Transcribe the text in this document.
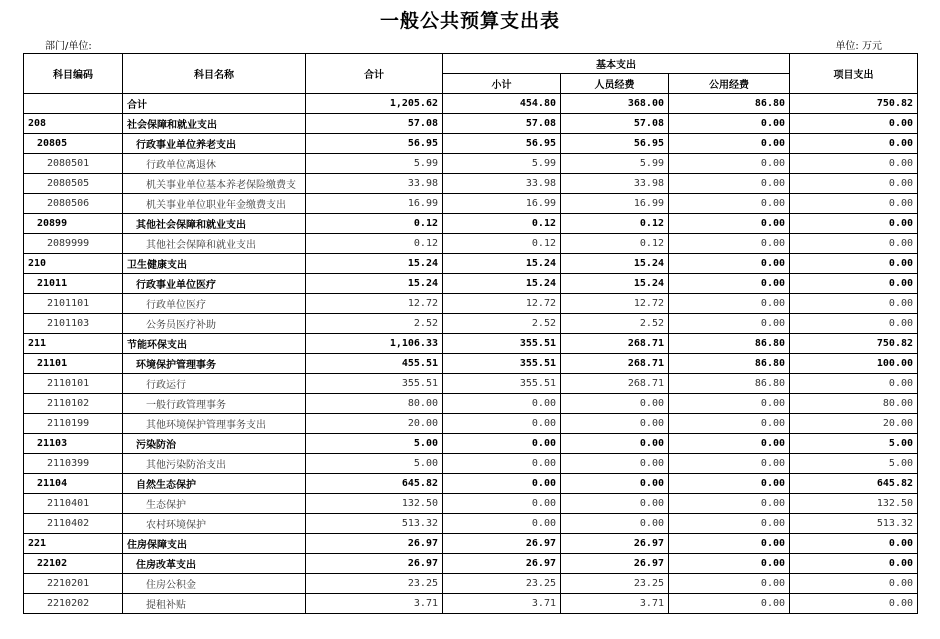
一般公共预算支出表
部门/单位:	单位: 万元
科目编码	科目名称	合计	基本支出			项目支出
			小计	人员经费	公用经费	
	合计	1,205.62	454.80	368.00	86.80	750.82
208	社会保障和就业支出	57.08	57.08	57.08	0.00	0.00
20805	行政事业单位养老支出	56.95	56.95	56.95	0.00	0.00
2080501	行政单位离退休	5.99	5.99	5.99	0.00	0.00
2080505	机关事业单位基本养老保险缴费支	33.98	33.98	33.98	0.00	0.00
2080506	机关事业单位职业年金缴费支出	16.99	16.99	16.99	0.00	0.00
20899	其他社会保障和就业支出	0.12	0.12	0.12	0.00	0.00
2089999	其他社会保障和就业支出	0.12	0.12	0.12	0.00	0.00
210	卫生健康支出	15.24	15.24	15.24	0.00	0.00
21011	行政事业单位医疗	15.24	15.24	15.24	0.00	0.00
2101101	行政单位医疗	12.72	12.72	12.72	0.00	0.00
2101103	公务员医疗补助	2.52	2.52	2.52	0.00	0.00
211	节能环保支出	1,106.33	355.51	268.71	86.80	750.82
21101	环境保护管理事务	455.51	355.51	268.71	86.80	100.00
2110101	行政运行	355.51	355.51	268.71	86.80	0.00
2110102	一般行政管理事务	80.00	0.00	0.00	0.00	80.00
2110199	其他环境保护管理事务支出	20.00	0.00	0.00	0.00	20.00
21103	污染防治	5.00	0.00	0.00	0.00	5.00
2110399	其他污染防治支出	5.00	0.00	0.00	0.00	5.00
21104	自然生态保护	645.82	0.00	0.00	0.00	645.82
2110401	生态保护	132.50	0.00	0.00	0.00	132.50
2110402	农村环境保护	513.32	0.00	0.00	0.00	513.32
221	住房保障支出	26.97	26.97	26.97	0.00	0.00
22102	住房改革支出	26.97	26.97	26.97	0.00	0.00
2210201	住房公积金	23.25	23.25	23.25	0.00	0.00
2210202	提租补贴	3.71	3.71	3.71	0.00	0.00
